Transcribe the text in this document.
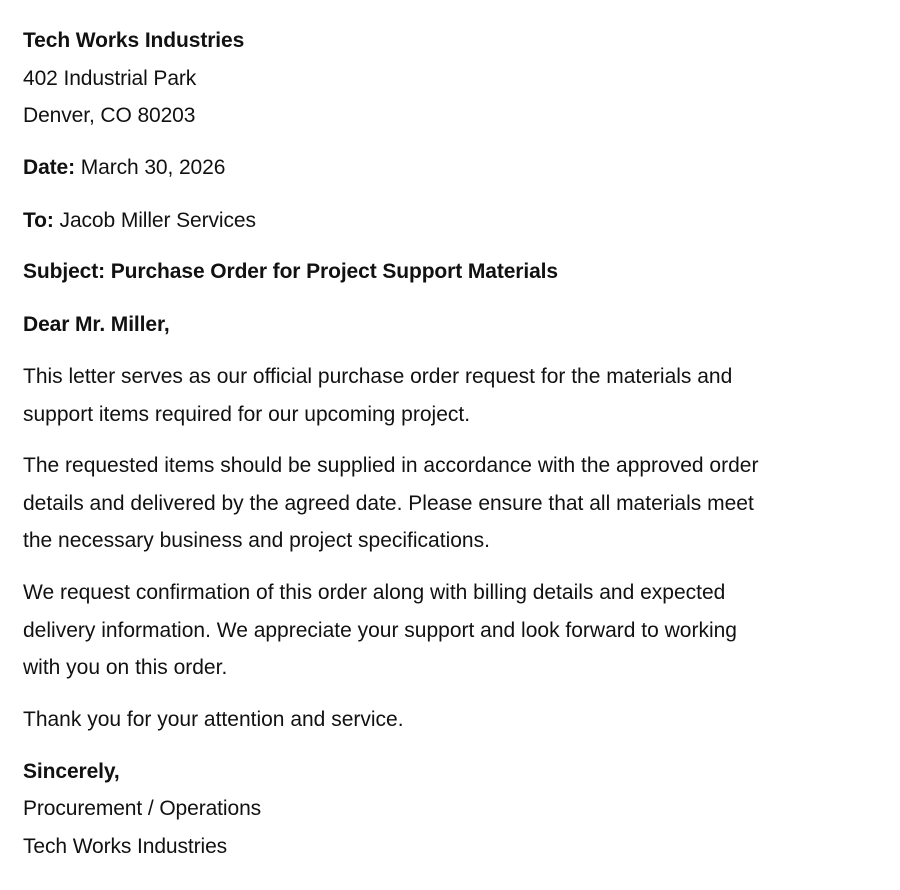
Tech Works Industries
402 Industrial Park
Denver, CO 80203
Date: March 30, 2026
To: Jacob Miller Services
Subject: Purchase Order for Project Support Materials
Dear Mr. Miller,
This letter serves as our official purchase order request for the materials and
support items required for our upcoming project.
The requested items should be supplied in accordance with the approved order
details and delivered by the agreed date. Please ensure that all materials meet
the necessary business and project specifications.
We request confirmation of this order along with billing details and expected
delivery information. We appreciate your support and look forward to working
with you on this order.
Thank you for your attention and service.
Sincerely,
Procurement / Operations
Tech Works Industries
